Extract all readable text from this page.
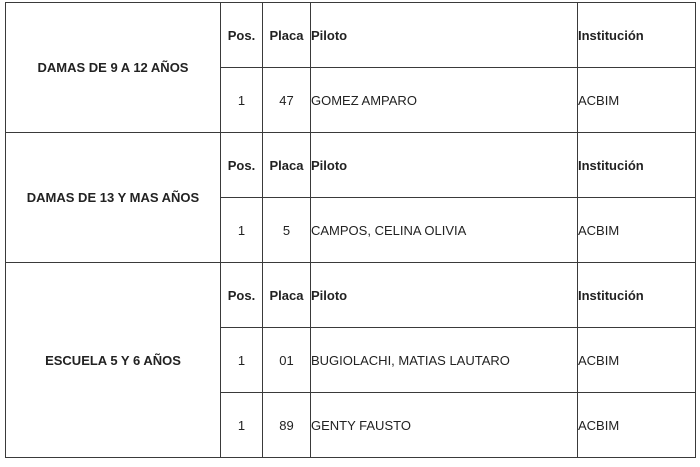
DAMAS DE 9 A 12 AÑOS	Pos.	Placa	Piloto	Institución
	1	47	GOMEZ AMPARO	ACBIM
DAMAS DE 13 Y MAS AÑOS	Pos.	Placa	Piloto	Institución
	1	5	CAMPOS, CELINA OLIVIA	ACBIM
ESCUELA 5 Y 6 AÑOS	Pos.	Placa	Piloto	Institución
	1	01	BUGIOLACHI, MATIAS LAUTARO	ACBIM
	1	89	GENTY FAUSTO	ACBIM
